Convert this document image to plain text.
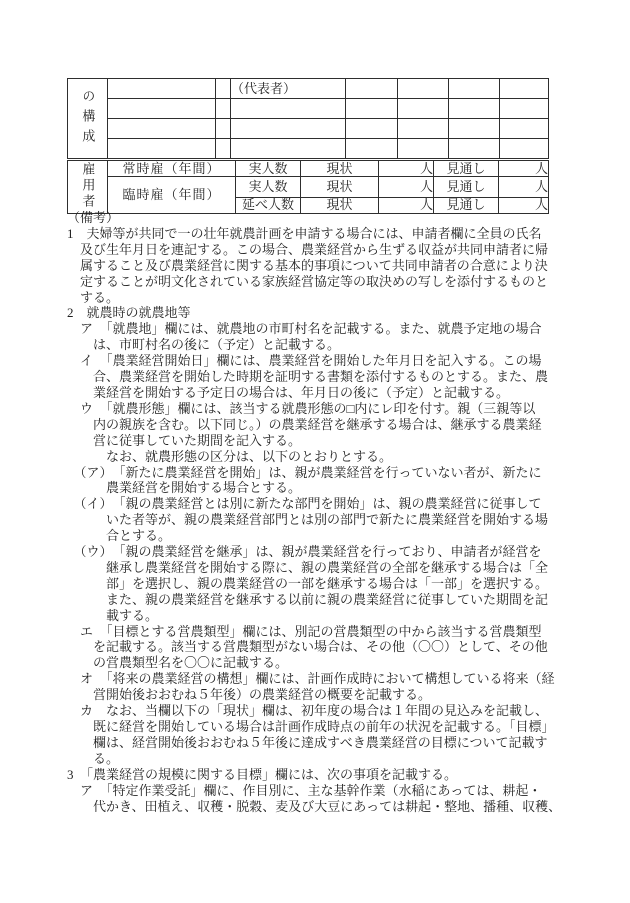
の構成			（代表者）				

雇用者	常時雇（年間）	実人数	現状	人	見通し	人
	臨時雇（年間）	実人数	現状	人	見通し	人
		延べ人数	現状	人	見通し	人
（備考）
1　夫婦等が共同で一の壮年就農計画を申請する場合には、申請者欄に全員の氏名
　及び生年月日を連記する。この場合、農業経営から生ずる収益が共同申請者に帰
　属すること及び農業経営に関する基本的事項について共同申請者の合意により決
　定することが明文化されている家族経営協定等の取決めの写しを添付するものと
　する。
2　就農時の就農地等
　ア　「就農地」欄には、就農地の市町村名を記載する。また、就農予定地の場合
　　は、市町村名の後に（予定）と記載する。
　イ　「農業経営開始日」欄には、農業経営を開始した年月日を記入する。この場
　　合、農業経営を開始した時期を証明する書類を添付するものとする。また、農
　　業経営を開始する予定日の場合は、年月日の後に（予定）と記載する。
　ウ　「就農形態」欄には、該当する就農形態の□内にレ印を付す。親（三親等以
　　内の親族を含む。以下同じ。）の農業経営を継承する場合は、継承する農業経
　　営に従事していた期間を記入する。
　　　なお、就農形態の区分は、以下のとおりとする。
　（ア）　「新たに農業経営を開始」は、親が農業経営を行っていない者が、新たに
　　　農業経営を開始する場合とする。
　（イ）　「親の農業経営とは別に新たな部門を開始」は、親の農業経営に従事して
　　　いた者等が、親の農業経営部門とは別の部門で新たに農業経営を開始する場
　　　合とする。
　（ウ）　「親の農業経営を継承」は、親が農業経営を行っており、申請者が経営を
　　　継承し農業経営を開始する際に、親の農業経営の全部を継承する場合は「全
　　　部」を選択し、親の農業経営の一部を継承する場合は「一部」を選択する。
　　　また、親の農業経営を継承する以前に親の農業経営に従事していた期間を記
　　　載する。
　エ　「目標とする営農類型」欄には、別記の営農類型の中から該当する営農類型
　　を記載する。該当する営農類型がない場合は、その他（〇〇）として、その他
　　の営農類型名を〇〇に記載する。
　オ　「将来の農業経営の構想」欄には、計画作成時において構想している将来（経
　　営開始後おおむね５年後）の農業経営の概要を記載する。
　カ　なお、当欄以下の「現状」欄は、初年度の場合は１年間の見込みを記載し、
　　既に経営を開始している場合は計画作成時点の前年の状況を記載する。「目標」
　　欄は、経営開始後おおむね５年後に達成すべき農業経営の目標について記載す
　　る。
3　「農業経営の規模に関する目標」欄には、次の事項を記載する。
　ア　「特定作業受託」欄に、作目別に、主な基幹作業（水稲にあっては、耕起・
　　代かき、田植え、収穫・脱穀、麦及び大豆にあっては耕起・整地、播種、収穫、
